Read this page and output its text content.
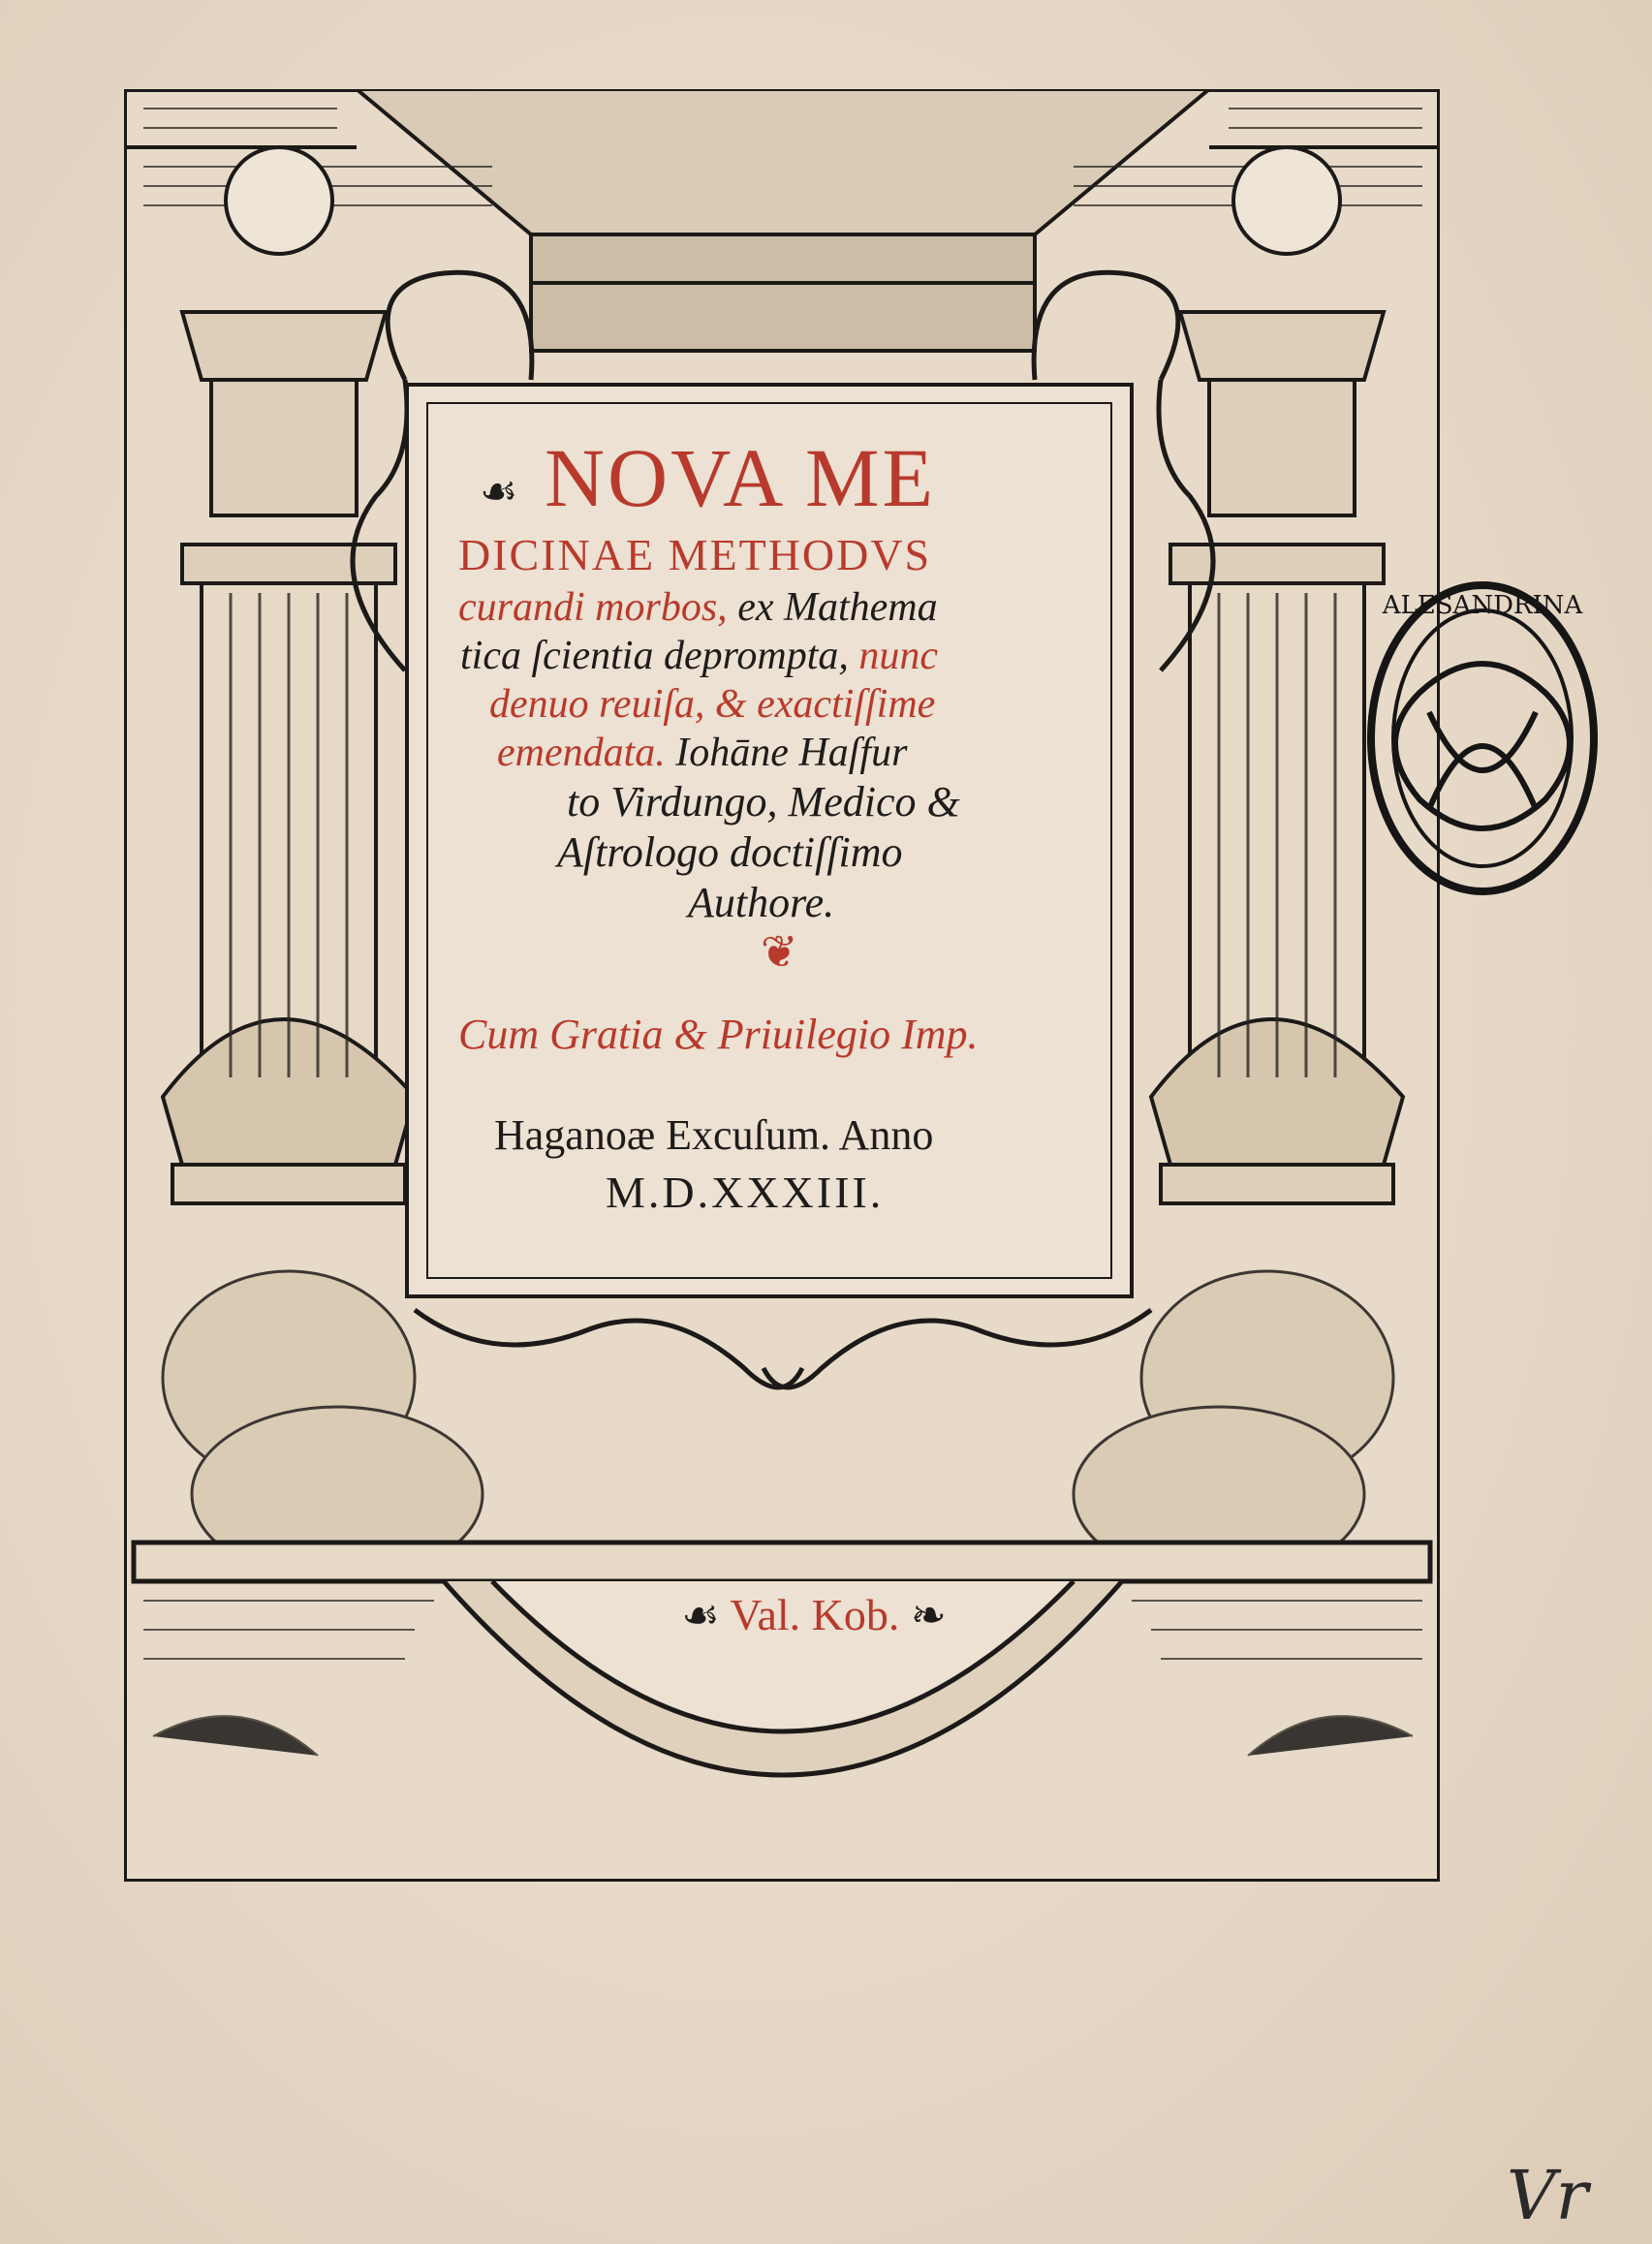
☙ NOVA ME
DICINAE METHODVS
curandi morbos, ex Mathema
tica ſcientia deprompta, nunc
denuo reuiſa, & exactiſſime
emendata. Iohāne Haſfur
to Virdungo, Medico &
Aſtrologo doctiſſimo
Authore.
❦
Cum Gratia & Priuilegio Imp.
Haganoæ Excuſum. Anno
M.D.XXXIII.
☙ Val. Kob. ❧
ALESANDRINA
Vr
